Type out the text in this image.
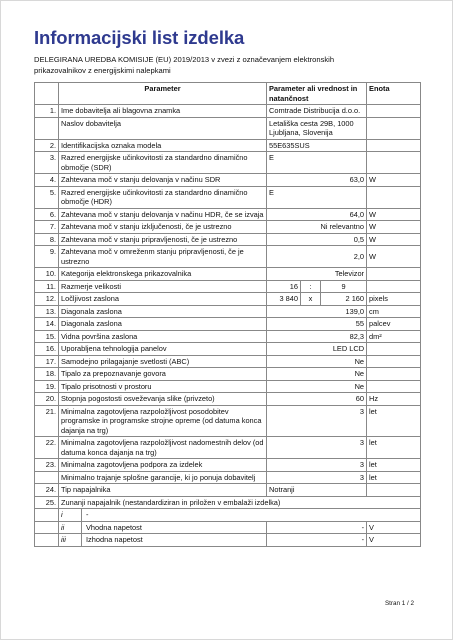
Informacijski list izdelka
DELEGIRANA UREDBA KOMISIJE (EU) 2019/2013 v zvezi z označevanjem elektronskih
prikazovalnikov z energijskimi nalepkami
	Parameter	Parameter ali vrednost in natančnost			Enota
1.	Ime dobavitelja ali blagovna znamka	Comtrade Distribucija d.o.o.			
	Naslov dobavitelja	Letališka cesta 29B, 1000 Ljubljana, Slovenija			
2.	Identifikacijska oznaka modela	55E635SUS			
3.	Razred energijske učinkovitosti za standardno dinamično območje (SDR)	E			
4.	Zahtevana moč v stanju delovanja v načinu SDR	63,0			W
5.	Razred energijske učinkovitosti za standardno dinamično območje (HDR)	E			
6.	Zahtevana moč v stanju delovanja v načinu HDR, če se izvaja	64,0			W
7.	Zahtevana moč v stanju izključenosti, če je ustrezno	Ni relevantno			W
8.	Zahtevana moč v stanju pripravljenosti, če je ustrezno	0,5			W
9.	Zahtevana moč v omreženm stanju pripravljenosti, če je ustrezno	2,0			W
10.	Kategorija elektronskega prikazovalnika	Televizor			
11.	Razmerje velikosti	16	:	9	
12.	Ločljivost zaslona	3 840	x	2 160	pixels
13.	Diagonala zaslona	139,0			cm
14.	Diagonala zaslona	55			palcev
15.	Vidna površina zaslona	82,3			dm²
16.	Uporabljena tehnologija panelov	LED LCD			
17.	Samodejno prilagajanje svetlosti (ABC)	Ne			
18.	Tipalo za prepoznavanje govora	Ne			
19.	Tipalo prisotnosti v prostoru	Ne			
20.	Stopnja pogostosti osveževanja slike (privzeto)	60			Hz
21.	Minimalna zagotovljena razpoložljivost posodobitev programske in programske strojne opreme (od datuma konca dajanja na trg)	3			let
22.	Minimalna zagotovljena razpoložljivost nadomestnih delov (od datuma konca dajanja na trg)	3			let
23.	Minimalna zagotovljena podpora za izdelek	3			let
	Minimalno trajanje splošne garancije, ki jo ponuja dobavitelj	3			let
24.	Tip napajalnika	Notranji			
25.	Zunanji napajalnik (nestandardiziran in priložen v embalaži izdelka)				
	i -				
	ii Vhodna napetost	-			V
	iii Izhodna napetost	-			V
Stran 1 / 2
